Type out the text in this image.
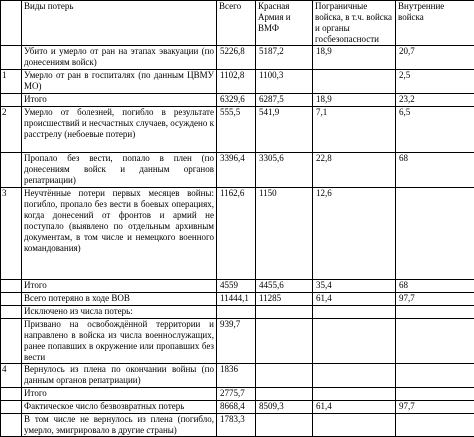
	Виды потерь	Всего	Красная Армия и ВМФ	Пограничные войска, в т.ч. войска и органы госбезопасности	Внутренние войска
	Убито и умерло от ран на этапах эвакуации (по донесениям войск)	5226,8	5187,2	18,9	20,7
1	Умерло от ран в госпиталях (по данным ЦВМУ МО)	1102,8	1100,3		2,5
	Итого	6329,6	6287,5	18,9	23,2
2	Умерло от болезней, погибло в результате происшествий и несчастных случаев, осуждено к расстрелу (небоевые потери)	555,5	541,9	7,1	6,5
	Пропало без вести, попало в плен (по донесениям войск и данным органов репатриации)	3396,4	3305,6	22,8	68
3	Неучтённые потери первых месяцев войны: погибло, пропало без вести в боевых операциях, когда донесений от фронтов и армий не поступало (выявлено по отдельным архивным документам, в том числе и немецкого военного командования)	1162,6	1150	12,6	
	Итого	4559	4455,6	35,4	68
	Всего потеряно в ходе ВОВ	11444,1	11285	61,4	97,7
	Исключено из числа потерь:				
	Призвано на освобождённой территории и направлено в войска из числа военнослужащих, ранее попавших в окружение или пропавших без вести	939,7			
4	Вернулось из плена по окончании войны (по данным органов репатриации)	1836			
	Итого	2775,7			
	Фактическое число безвозвратных потерь	8668,4	8509,3	61,4	97,7
	В том числе не вернулось из плена (погибло, умерло, эмигрировало в другие страны)	1783,3			
